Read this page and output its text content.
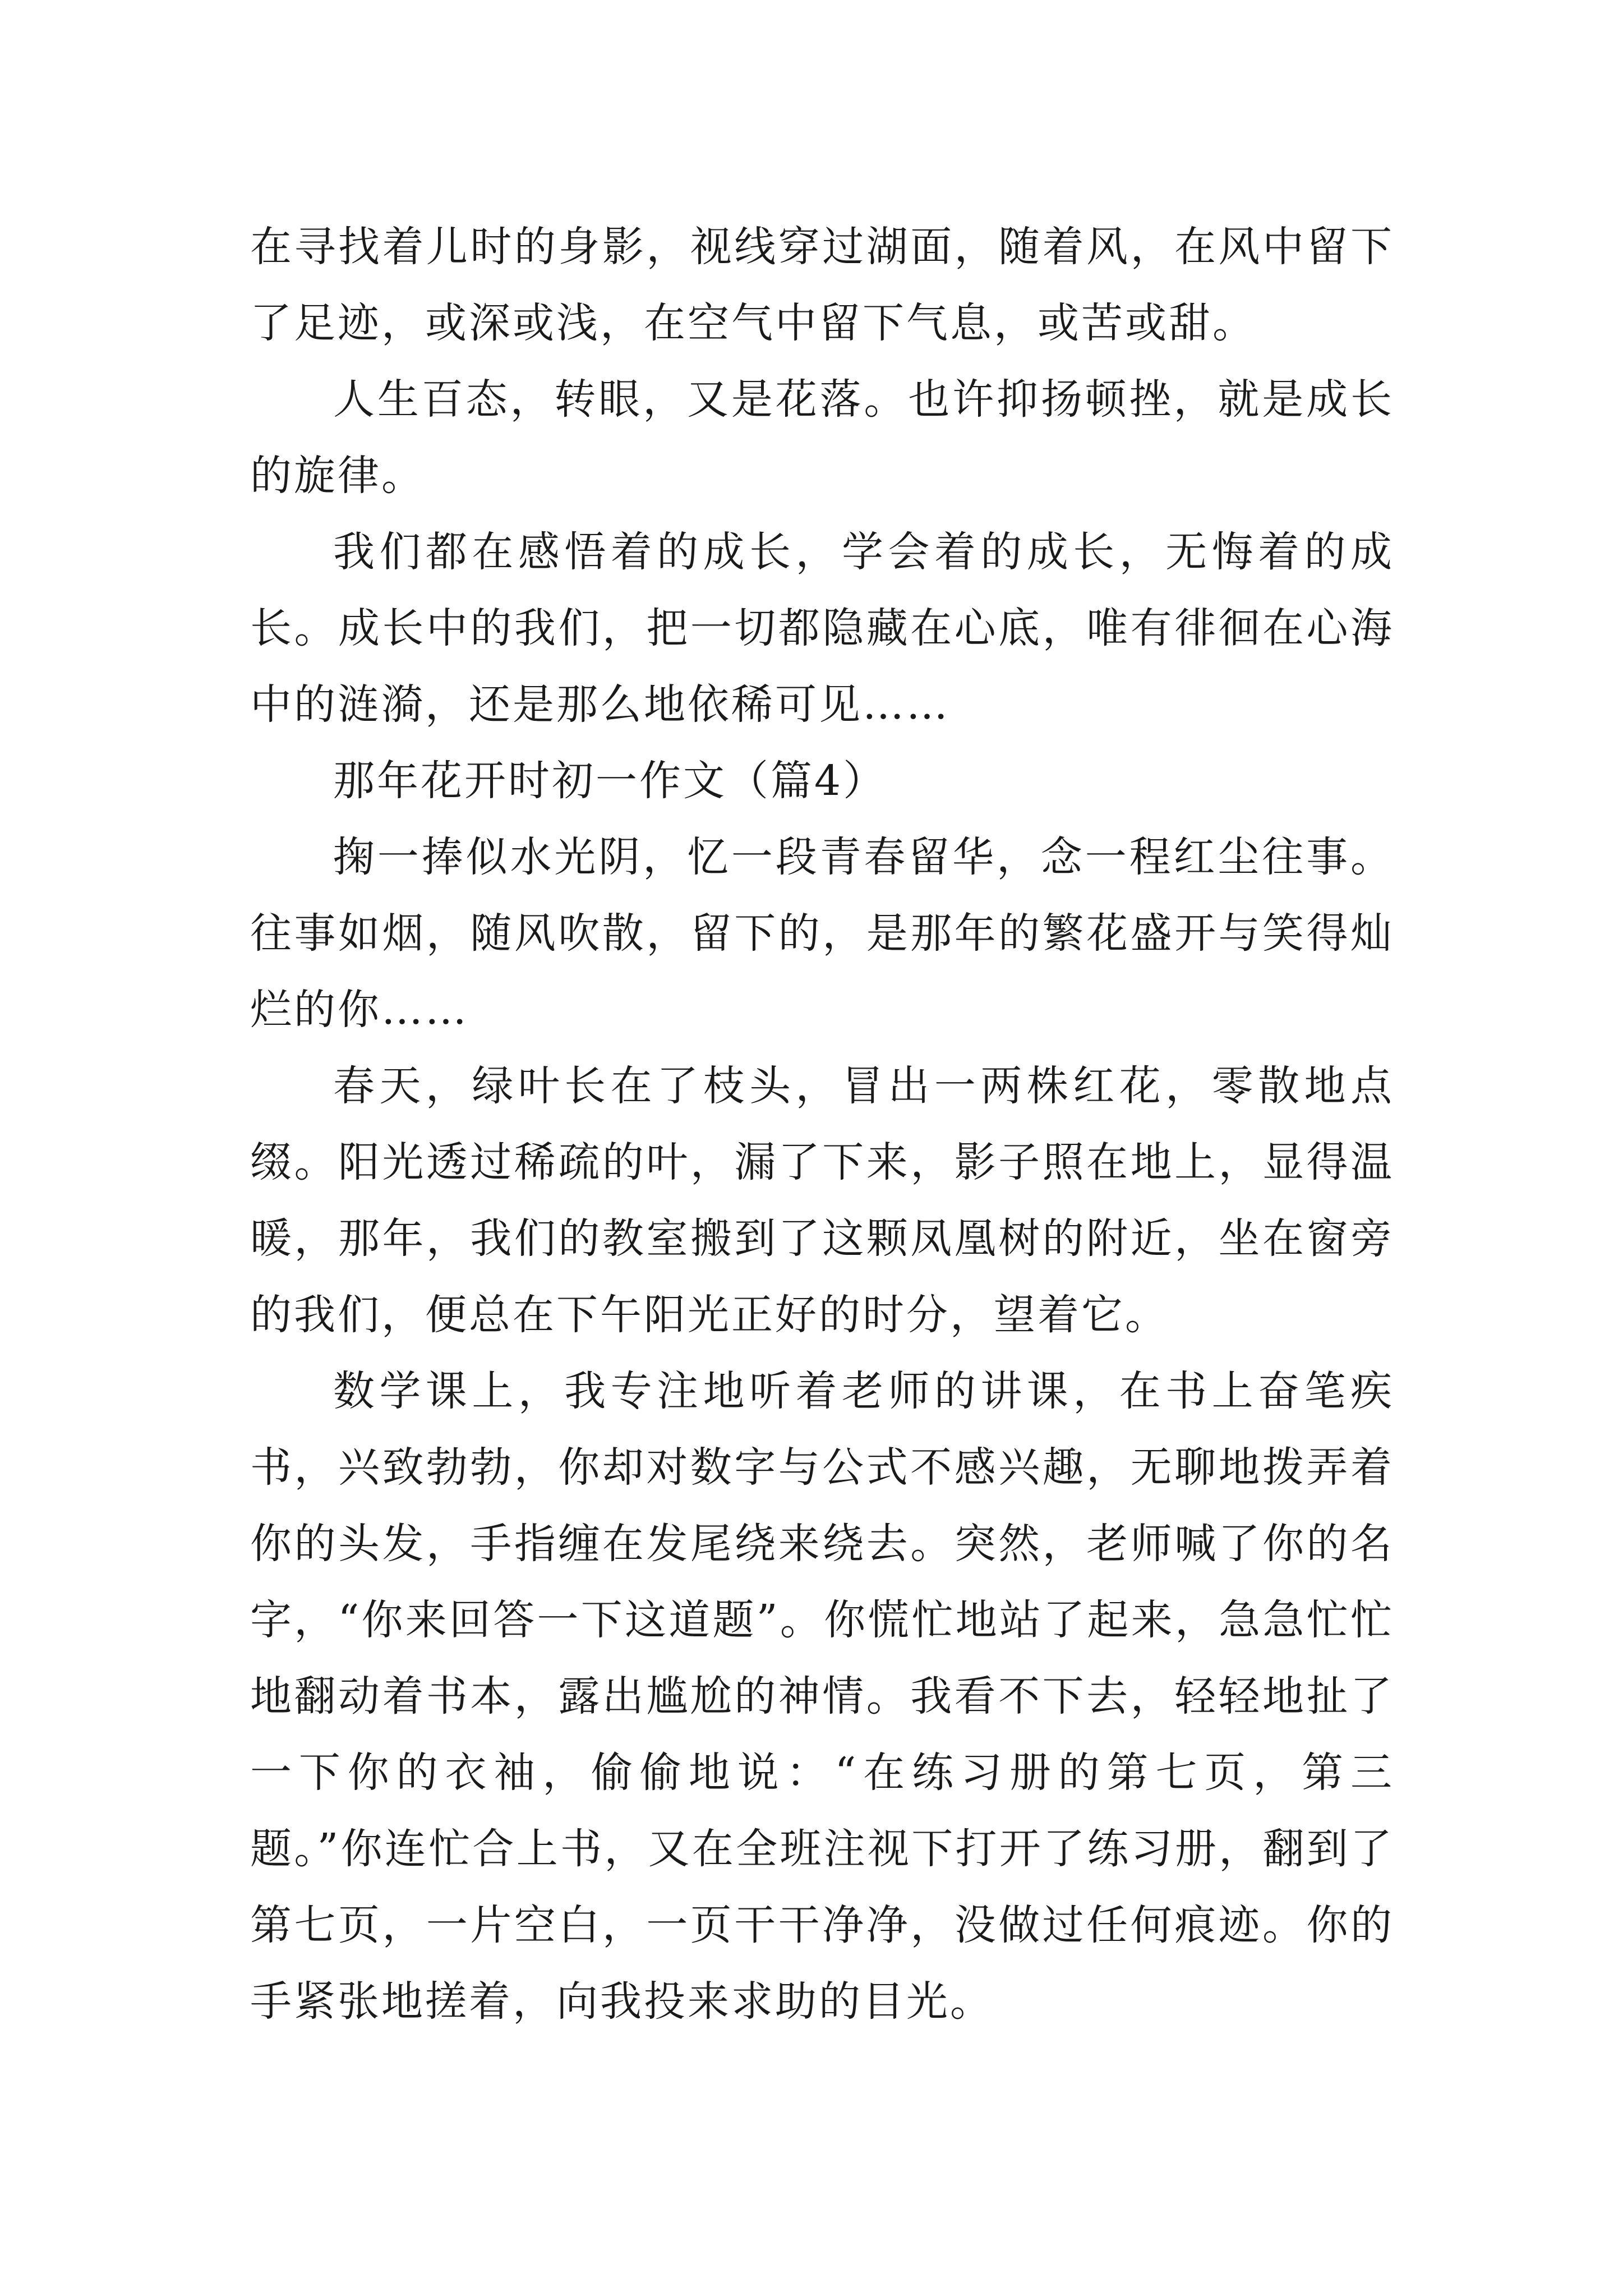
在寻找着儿时的身影，视线穿过湖面，随着风，在风中留下了足迹，或深或浅，在空气中留下气息，或苦或甜。

人生百态，转眼，又是花落。也许抑扬顿挫，就是成长的旋律。

我们都在感悟着的成长，学会着的成长，无悔着的成长。成长中的我们，把一切都隐藏在心底，唯有徘徊在心海中的涟漪，还是那么地依稀可见……

那年花开时初一作文（篇4）

掬一捧似水光阴，忆一段青春留华，念一程红尘往事。往事如烟，随风吹散，留下的，是那年的繁花盛开与笑得灿烂的你……

春天，绿叶长在了枝头，冒出一两株红花，零散地点缀。阳光透过稀疏的叶，漏了下来，影子照在地上，显得温暖，那年，我们的教室搬到了这颗凤凰树的附近，坐在窗旁的我们，便总在下午阳光正好的时分，望着它。

数学课上，我专注地听着老师的讲课，在书上奋笔疾书，兴致勃勃，你却对数字与公式不感兴趣，无聊地拨弄着你的头发，手指缠在发尾绕来绕去。突然，老师喊了你的名字，“你来回答一下这道题”。你慌忙地站了起来，急急忙忙地翻动着书本，露出尴尬的神情。我看不下去，轻轻地扯了一下你的衣袖，偷偷地说：“在练习册的第七页，第三题。”你连忙合上书，又在全班注视下打开了练习册，翻到了第七页，一片空白，一页干干净净，没做过任何痕迹。你的手紧张地搓着，向我投来求助的目光。
